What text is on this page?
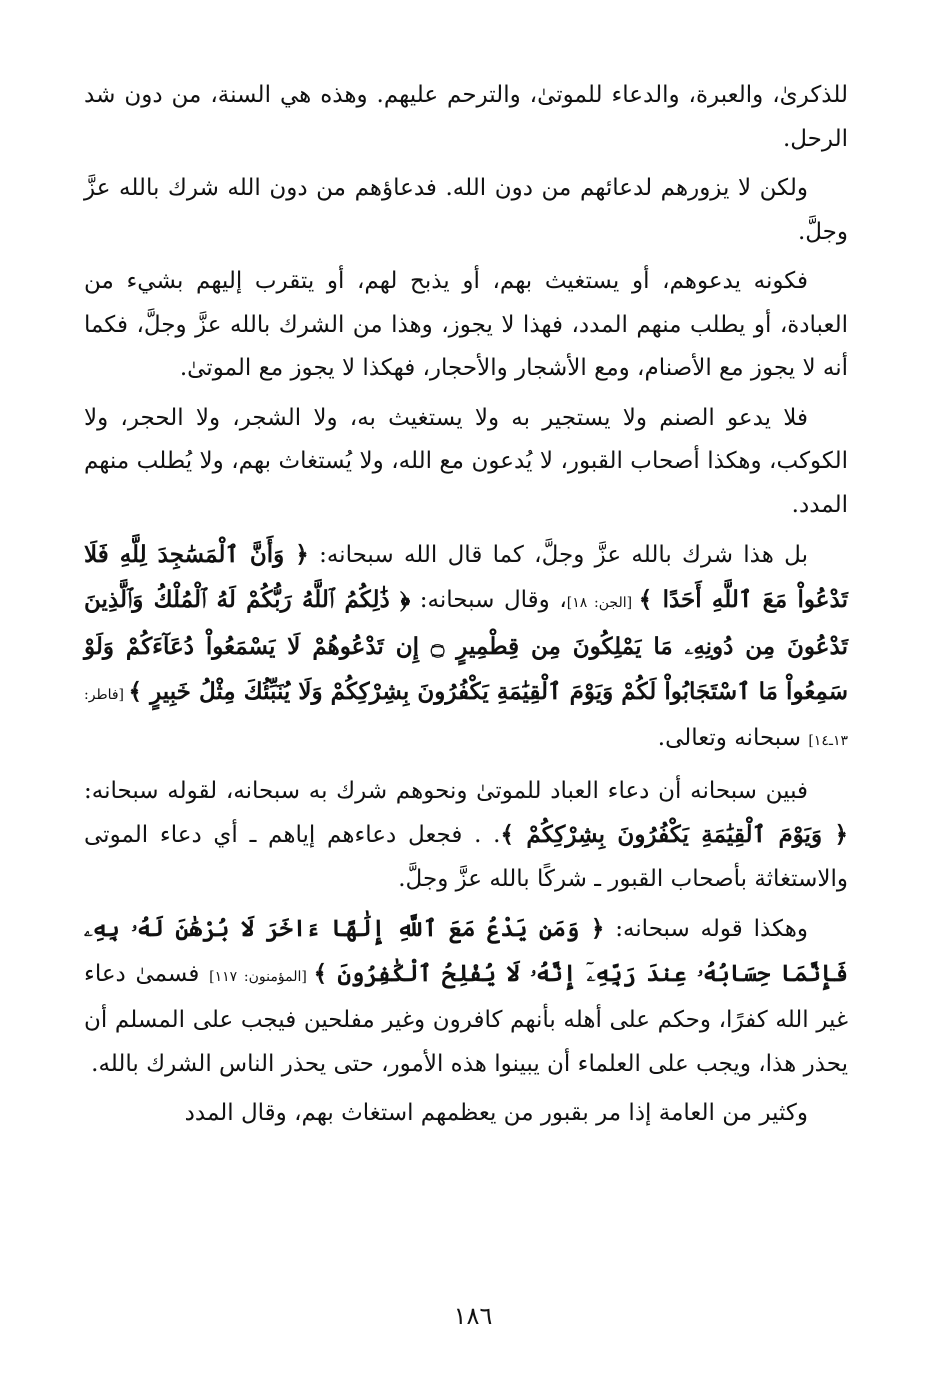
للذكرىٰ، والعبرة، والدعاء للموتىٰ، والترحم عليهم. وهذه هي السنة، من دون شد الرحل.

ولكن لا يزورهم لدعائهم من دون الله. فدعاؤهم من دون الله شرك بالله عزَّ وجلَّ.

فكونه يدعوهم، أو يستغيث بهم، أو يذبح لهم، أو يتقرب إليهم بشيء من العبادة، أو يطلب منهم المدد، فهذا لا يجوز، وهذا من الشرك بالله عزَّ وجلَّ، فكما أنه لا يجوز مع الأصنام، ومع الأشجار والأحجار، فهكذا لا يجوز مع الموتىٰ.

فلا يدعو الصنم ولا يستجير به ولا يستغيث به، ولا الشجر، ولا الحجر، ولا الكوكب، وهكذا أصحاب القبور، لا يُدعون مع الله، ولا يُستغاث بهم، ولا يُطلب منهم المدد.

بل هذا شرك بالله عزَّ وجلَّ، كما قال الله سبحانه: ﴿ وَأَنَّ ٱلْمَسَٰجِدَ لِلَّهِ فَلَا تَدْعُواْ مَعَ ٱللَّهِ أَحَدًا ﴾ [الجن: ١٨]، وقال سبحانه: ﴿ ذَٰلِكُمُ ٱللَّهُ رَبُّكُمْ لَهُ ٱلْمُلْكُ وَٱلَّذِينَ تَدْعُونَ مِن دُونِهِۦ مَا يَمْلِكُونَ مِن قِطْمِيرٍ ۝ إِن تَدْعُوهُمْ لَا يَسْمَعُواْ دُعَآءَكُمْ وَلَوْ سَمِعُواْ مَا ٱسْتَجَابُواْ لَكُمْ وَيَوْمَ ٱلْقِيَٰمَةِ يَكْفُرُونَ بِشِرْكِكُمْ وَلَا يُنَبِّئُكَ مِثْلُ خَبِيرٍ ﴾ [فاطر: ١٣ـ١٤] سبحانه وتعالى.

فبين سبحانه أن دعاء العباد للموتىٰ ونحوهم شرك به سبحانه، لقوله سبحانه: ﴿ وَيَوْمَ ٱلْقِيَٰمَةِ يَكْفُرُونَ بِشِرْكِكُمْ ﴾. . فجعل دعاءهم إياهم ـ أي دعاء الموتى والاستغاثة بأصحاب القبور ـ شركًا بالله عزَّ وجلَّ.

وهكذا قوله سبحانه: ﴿ وَمَن يَدْعُ مَعَ ٱللَّهِ إِلَٰهًا ءَاخَرَ لَا بُرْهَٰنَ لَهُۥ بِهِۦ فَإِنَّمَا حِسَابُهُۥ عِندَ رَبِّهِۦٓ إِنَّهُۥ لَا يُفْلِحُ ٱلْكَٰفِرُونَ ﴾ [المؤمنون: ١١٧] فسمىٰ دعاء غير الله كفرًا، وحكم على أهله بأنهم كافرون وغير مفلحين فيجب على المسلم أن يحذر هذا، ويجب على العلماء أن يبينوا هذه الأمور، حتى يحذر الناس الشرك بالله.

وكثير من العامة إذا مر بقبور من يعظمهم استغاث بهم، وقال المدد

١٨٦
